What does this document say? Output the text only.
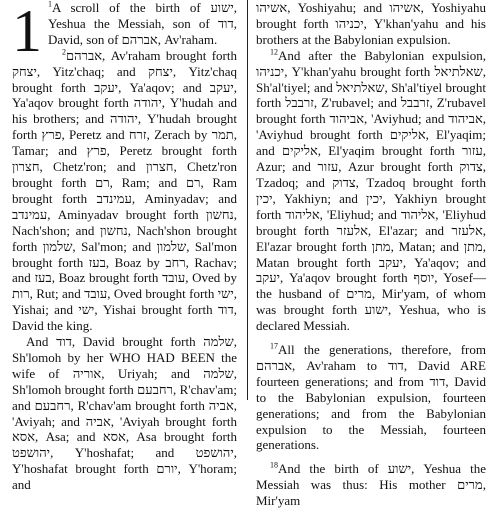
1 $^1$A scroll of the birth of ישוע, Yeshua the Messiah, son of דוד, David, son of אברהם, Av'raham.

$^2$אברהם, Av'raham brought forth יצחק, Yitz'chaq; and יצחק, Yitz'chaq brought forth יעקב, Ya'aqov; and יעקב, Ya'aqov brought forth יהודה, Y'hudah and his brothers; and יהודה, Y'hudah brought forth פרץ, Peretz and זרח, Zerach by תמר, Tamar; and פרץ, Peretz brought forth חצרון, Chetz'ron; and חצרון, Chetz'ron brought forth רם, Ram; and רם, Ram brought forth עמינדב, Aminyadav; and עמינדב, Aminyadav brought forth נחשון, Nach'shon; and נחשון, Nach'shon brought forth שלמון, Sal'mon; and שלמון, Sal'mon brought forth בעז, Boaz by רחב, Rachav; and בעז, Boaz brought forth עובד, Oved by רות, Rut; and עובד, Oved brought forth ישי, Yishai; and ישי, Yishai brought forth דוד, David the king.

And דוד, David brought forth שלמה, Sh'lomoh by her WHO HAD BEEN the wife of אוריה, Uriyah; and שלמה, Sh'lomoh brought forth רחבעם, R'chav'am; and רחבעם, R'chav'am brought forth אביה, 'Aviyah; and אביה, 'Aviyah brought forth אסא, Asa; and אסא, Asa brought forth יהושפט, Y'hoshafat; and יהושפט, Y'hoshafat brought forth יורם, Y'horam; and

אשיהו, Yoshiyahu; and אשיהו, Yoshiyahu brought forth יכניהו, Y'khan'yahu and his brothers at the Babylonian expulsion.

$^{12}$And after the Babylonian expulsion, יכניהו, Y'khan'yahu brought forth שאלתיאל, Sh'al'tiyel; and שאלתיאל, Sh'al'tiyel brought forth זרבבל, Z'rubavel; and זרבבל, Z'rubavel brought forth אביהוד, 'Aviyhud; and אביהוד, 'Aviyhud brought forth אליקים, El'yaqim; and אליקים, El'yaqim brought forth עזור, Azur; and עזור, Azur brought forth צדוק, Tzadoq; and צדוק, Tzadoq brought forth יכין, Yakhiyn; and יכין, Yakhiyn brought forth אליהוד, 'Eliyhud; and אליהוד, 'Eliyhud brought forth אלעזר, El'azar; and אלעזר, El'azar brought forth מתן, Matan; and מתן, Matan brought forth יעקב, Ya'aqov; and יעקב, Ya'aqov brought forth יוסף, Yosef—the husband of מרים, Mir'yam, of whom was brought forth ישוע, Yeshua, who is declared Messiah.

$^{17}$All the generations, therefore, from אברהם, Av'raham to דוד, David ARE fourteen generations; and from דוד, David to the Babylonian expulsion, fourteen generations; and from the Babylonian expulsion to the Messiah, fourteen generations.

$^{18}$And the birth of ישוע, Yeshua the Messiah was thus: His mother מרים, Mir'yam
